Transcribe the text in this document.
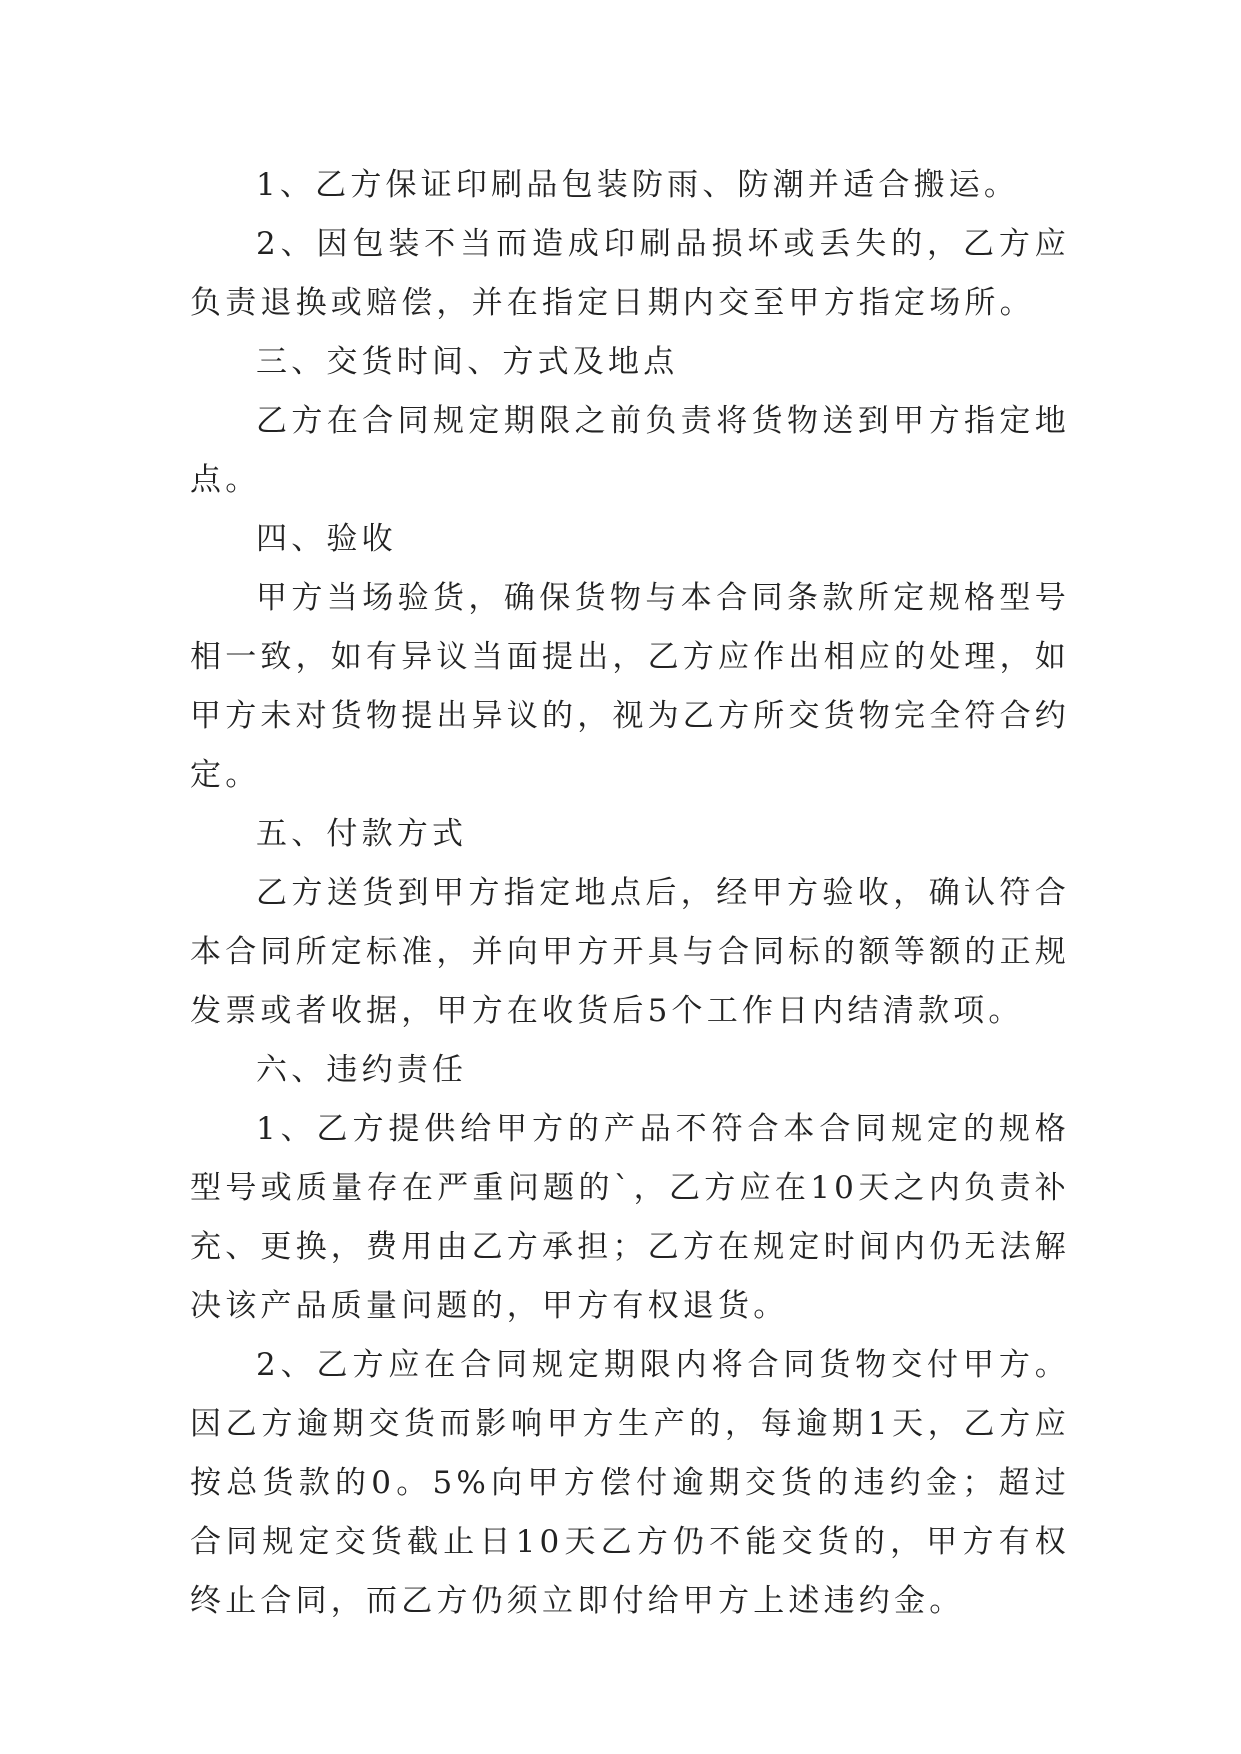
1、乙方保证印刷品包装防雨、防潮并适合搬运。

2、因包装不当而造成印刷品损坏或丢失的，乙方应负责退换或赔偿，并在指定日期内交至甲方指定场所。

三、交货时间、方式及地点

乙方在合同规定期限之前负责将货物送到甲方指定地点。

四、验收

甲方当场验货，确保货物与本合同条款所定规格型号相一致，如有异议当面提出，乙方应作出相应的处理，如甲方未对货物提出异议的，视为乙方所交货物完全符合约定。

五、付款方式

乙方送货到甲方指定地点后，经甲方验收，确认符合本合同所定标准，并向甲方开具与合同标的额等额的正规发票或者收据，甲方在收货后5个工作日内结清款项。

六、违约责任

1、乙方提供给甲方的产品不符合本合同规定的规格型号或质量存在严重问题的`，乙方应在10天之内负责补充、更换，费用由乙方承担；乙方在规定时间内仍无法解决该产品质量问题的，甲方有权退货。

2、乙方应在合同规定期限内将合同货物交付甲方。因乙方逾期交货而影响甲方生产的，每逾期1天，乙方应按总货款的0。5%向甲方偿付逾期交货的违约金；超过合同规定交货截止日10天乙方仍不能交货的，甲方有权终止合同，而乙方仍须立即付给甲方上述违约金。
